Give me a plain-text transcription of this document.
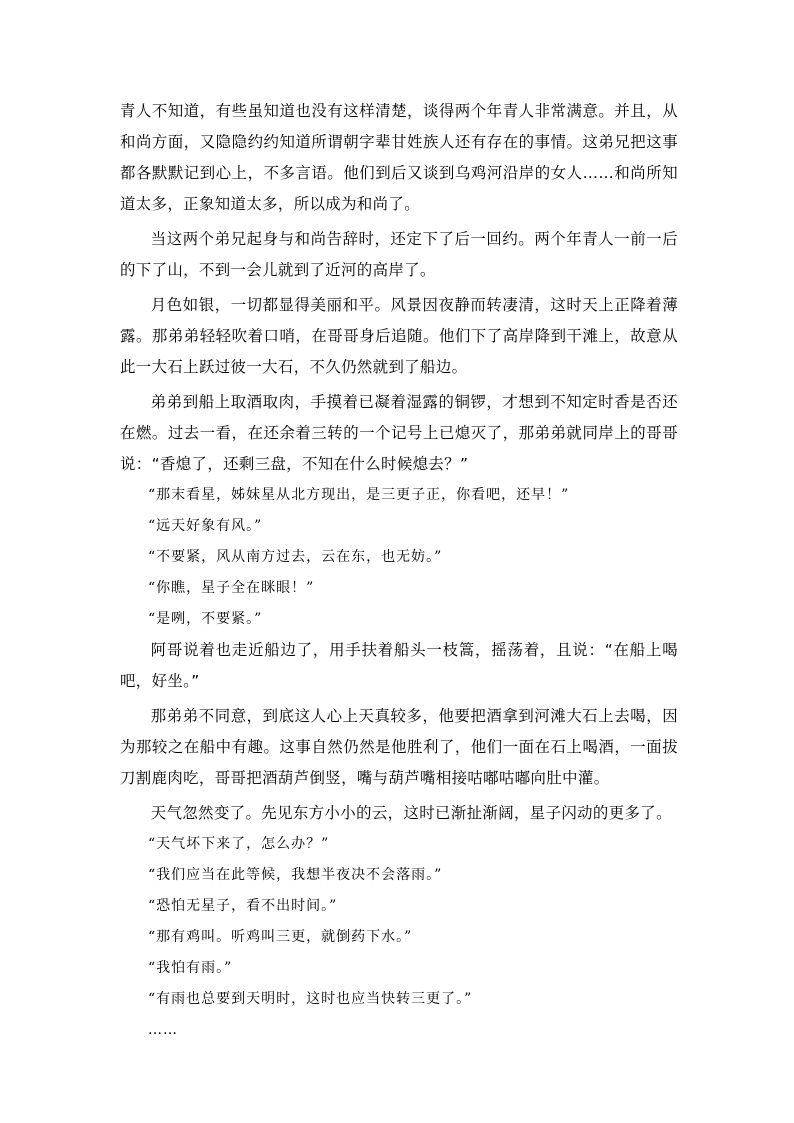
青人不知道，有些虽知道也没有这样清楚，谈得两个年青人非常满意。并且，从和尚方面，又隐隐约约知道所谓朝字辈甘姓族人还有存在的事情。这弟兄把这事都各默默记到心上，不多言语。他们到后又谈到乌鸡河沿岸的女人……和尚所知道太多，正象知道太多，所以成为和尚了。

当这两个弟兄起身与和尚告辞时，还定下了后一回约。两个年青人一前一后的下了山，不到一会儿就到了近河的高岸了。

月色如银，一切都显得美丽和平。风景因夜静而转凄清，这时天上正降着薄露。那弟弟轻轻吹着口哨，在哥哥身后追随。他们下了高岸降到干滩上，故意从此一大石上跃过彼一大石，不久仍然就到了船边。

弟弟到船上取酒取肉，手摸着已凝着湿露的铜锣，才想到不知定时香是否还在燃。过去一看，在还余着三转的一个记号上已熄灭了，那弟弟就同岸上的哥哥说：“香熄了，还剩三盘，不知在什么时候熄去？”

“那末看星，姊妹星从北方现出，是三更子正，你看吧，还早！”

“远天好象有风。”

“不要紧，风从南方过去，云在东，也无妨。”

“你瞧，星子全在眯眼！”

“是咧，不要紧。”

阿哥说着也走近船边了，用手扶着船头一枝篙，摇荡着，且说：“在船上喝吧，好坐。”

那弟弟不同意，到底这人心上天真较多，他要把酒拿到河滩大石上去喝，因为那较之在船中有趣。这事自然仍然是他胜利了，他们一面在石上喝酒，一面拔刀割鹿肉吃，哥哥把酒葫芦倒竖，嘴与葫芦嘴相接咕嘟咕嘟向肚中灌。

天气忽然变了。先见东方小小的云，这时已渐扯渐阔，星子闪动的更多了。

“天气坏下来了，怎么办？”

“我们应当在此等候，我想半夜决不会落雨。”

“恐怕无星子，看不出时间。”

“那有鸡叫。听鸡叫三更，就倒药下水。”

“我怕有雨。”

“有雨也总要到天明时，这时也应当快转三更了。”

……
